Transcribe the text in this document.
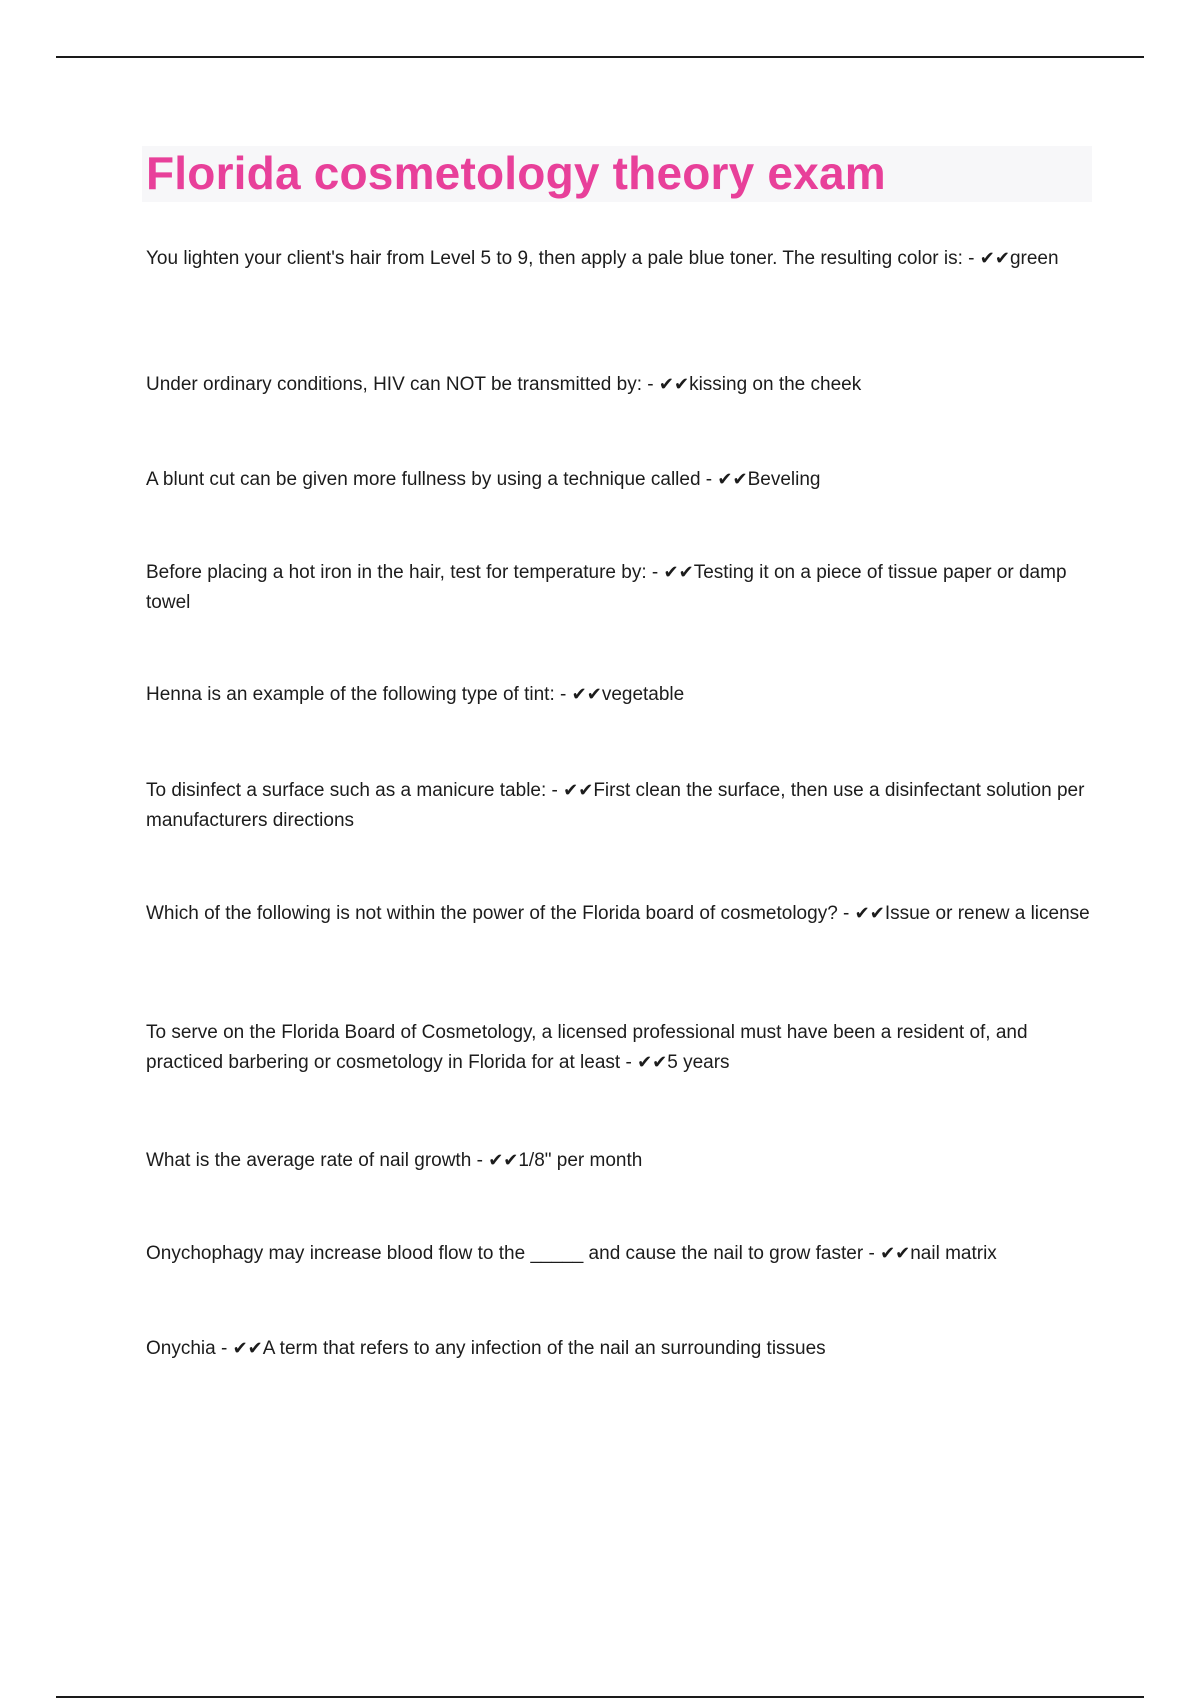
Florida cosmetology theory exam

You lighten your client's hair from Level 5 to 9, then apply a pale blue toner. The resulting color is: - ✔✔green

Under ordinary conditions, HIV can NOT be transmitted by: - ✔✔kissing on the cheek

A blunt cut can be given more fullness by using a technique called - ✔✔Beveling

Before placing a hot iron in the hair, test for temperature by: - ✔✔Testing it on a piece of tissue paper or damp towel

Henna is an example of the following type of tint: - ✔✔vegetable

To disinfect a surface such as a manicure table: - ✔✔First clean the surface, then use a disinfectant solution per manufacturers directions

Which of the following is not within the power of the Florida board of cosmetology? - ✔✔Issue or renew a license

To serve on the Florida Board of Cosmetology, a licensed professional must have been a resident of, and practiced barbering or cosmetology in Florida for at least - ✔✔5 years

What is the average rate of nail growth - ✔✔1/8" per month

Onychophagy may increase blood flow to the _____ and cause the nail to grow faster - ✔✔nail matrix

Onychia - ✔✔A term that refers to any infection of the nail an surrounding tissues
